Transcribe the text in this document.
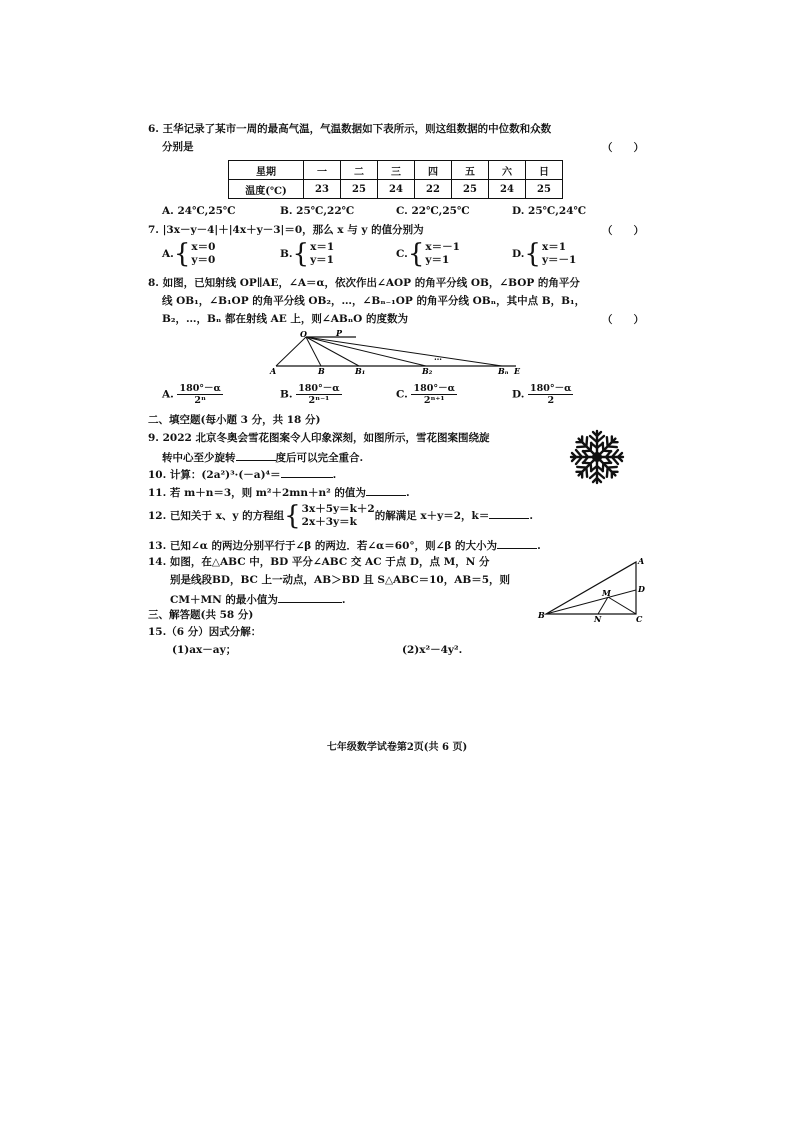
6. 王华记录了某市一周的最高气温，气温数据如下表所示，则这组数据的中位数和众数
分别是	（　　）
星期	一	二	三	四	五	六	日
温度(℃)	23	25	24	22	25	24	25
A. 24℃,25℃	B. 25℃,22℃	C. 22℃,25℃	D. 25℃,24℃
7. |3x－y－4|＋|4x＋y－3|＝0，那么 x 与 y 的值分别为	（　　）
A. { x＝0
y＝0	B. { x＝1
y＝1	C. { x＝－1
y＝1	D. { x＝1
y＝－1
8. 如图，已知射线 OP∥AE，∠A＝α，依次作出∠AOP 的角平分线 OB，∠BOP 的角平分
线 OB₁，∠B₁OP 的角平分线 OB₂，…，∠Bₙ₋₁OP 的角平分线 OBₙ，其中点 B，B₁，
B₂，…，Bₙ 都在射线 AE 上，则∠ABₙO 的度数为	（　　）
O	P
A	B	B₁	B₂	Bₙ E
…
A. $\frac{180^\circ-\alpha}{\text{2ⁿ}}$	B. $\frac{180^\circ-\alpha}{\text{2ⁿ⁻¹}}$	C. $\frac{180^\circ-\alpha}{\text{2ⁿ⁺¹}}$	D. $\frac{180^\circ-\alpha}{2}$
二、填空题(每小题 3 分，共 18 分)
9. 2022 北京冬奥会雪花图案令人印象深刻，如图所示，雪花图案围绕旋
转中心至少旋转	度后可以完全重合.
10. 计算：(2a²)³·(－a)⁴＝	.
11. 若 m＋n＝3，则 m²＋2mn＋n² 的值为	.
12. 已知关于 x、y 的方程组 { 3x＋5y＝k＋2
2x＋3y＝k	的解满足 x＋y＝2，k＝	.
13. 已知∠α 的两边分别平行于∠β 的两边．若∠α＝60°，则∠β 的大小为	.
14. 如图，在△ABC 中，BD 平分∠ABC 交 AC 于点 D，点 M，N 分
别是线段BD，BC 上一动点，AB＞BD 且 S△ABC＝10，AB＝5，则
CM＋MN 的最小值为	.
A
B	C
D
M
N
三、解答题(共 58 分)
15.（6 分）因式分解：
(1)ax－ay；	(2)x²－4y².
七年级数学试卷第2页(共 6 页)
